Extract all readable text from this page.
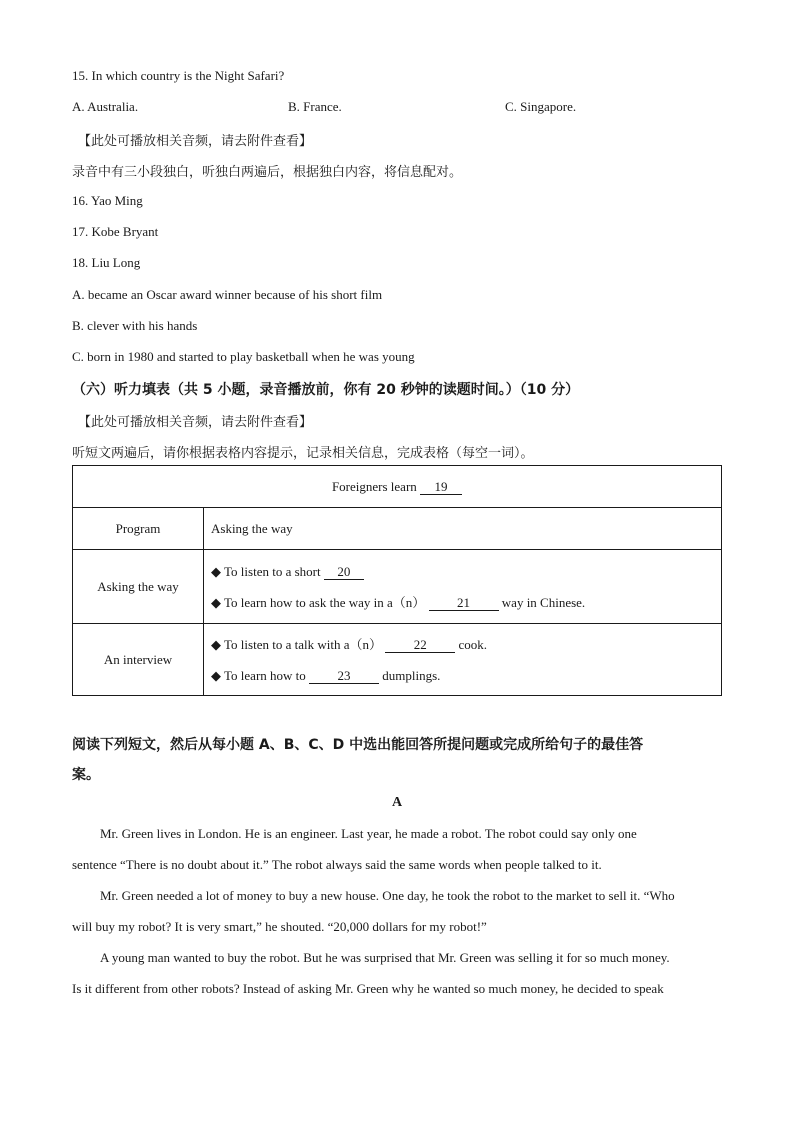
15. In which country is the Night Safari?
A. Australia.	B. France.	C. Singapore.
【此处可播放相关音频，请去附件查看】
录音中有三小段独白，听独白两遍后，根据独白内容，将信息配对。
16. Yao Ming
17. Kobe Bryant
18. Liu Long
A. became an Oscar award winner because of his short film
B. clever with his hands
C. born in 1980 and started to play basketball when he was young
（六）听力填表（共 5 小题，录音播放前，你有 20 秒钟的读题时间。）（10 分）
【此处可播放相关音频，请去附件查看】
听短文两遍后，请你根据表格内容提示，记录相关信息，完成表格（每空一词）。
Foreigners learn 19	
Program	Asking the way
Asking the way	◆ To listen to a short 20
◆ To learn how to ask the way in a（n） 21 way in Chinese.

An interview	◆ To listen to a talk with a（n） 22 cook.
◆ To learn how to 23 dumplings.
阅读下列短文，然后从每小题 A、B、C、D 中选出能回答所提问题或完成所给句子的最佳答
案。
A
Mr. Green lives in London. He is an engineer. Last year, he made a robot. The robot could say only one
sentence “There is no doubt about it.” The robot always said the same words when people talked to it.
Mr. Green needed a lot of money to buy a new house. One day, he took the robot to the market to sell it. “Who
will buy my robot? It is very smart,” he shouted. “20,000 dollars for my robot!”
A young man wanted to buy the robot. But he was surprised that Mr. Green was selling it for so much money.
Is it different from other robots? Instead of asking Mr. Green why he wanted so much money, he decided to speak
